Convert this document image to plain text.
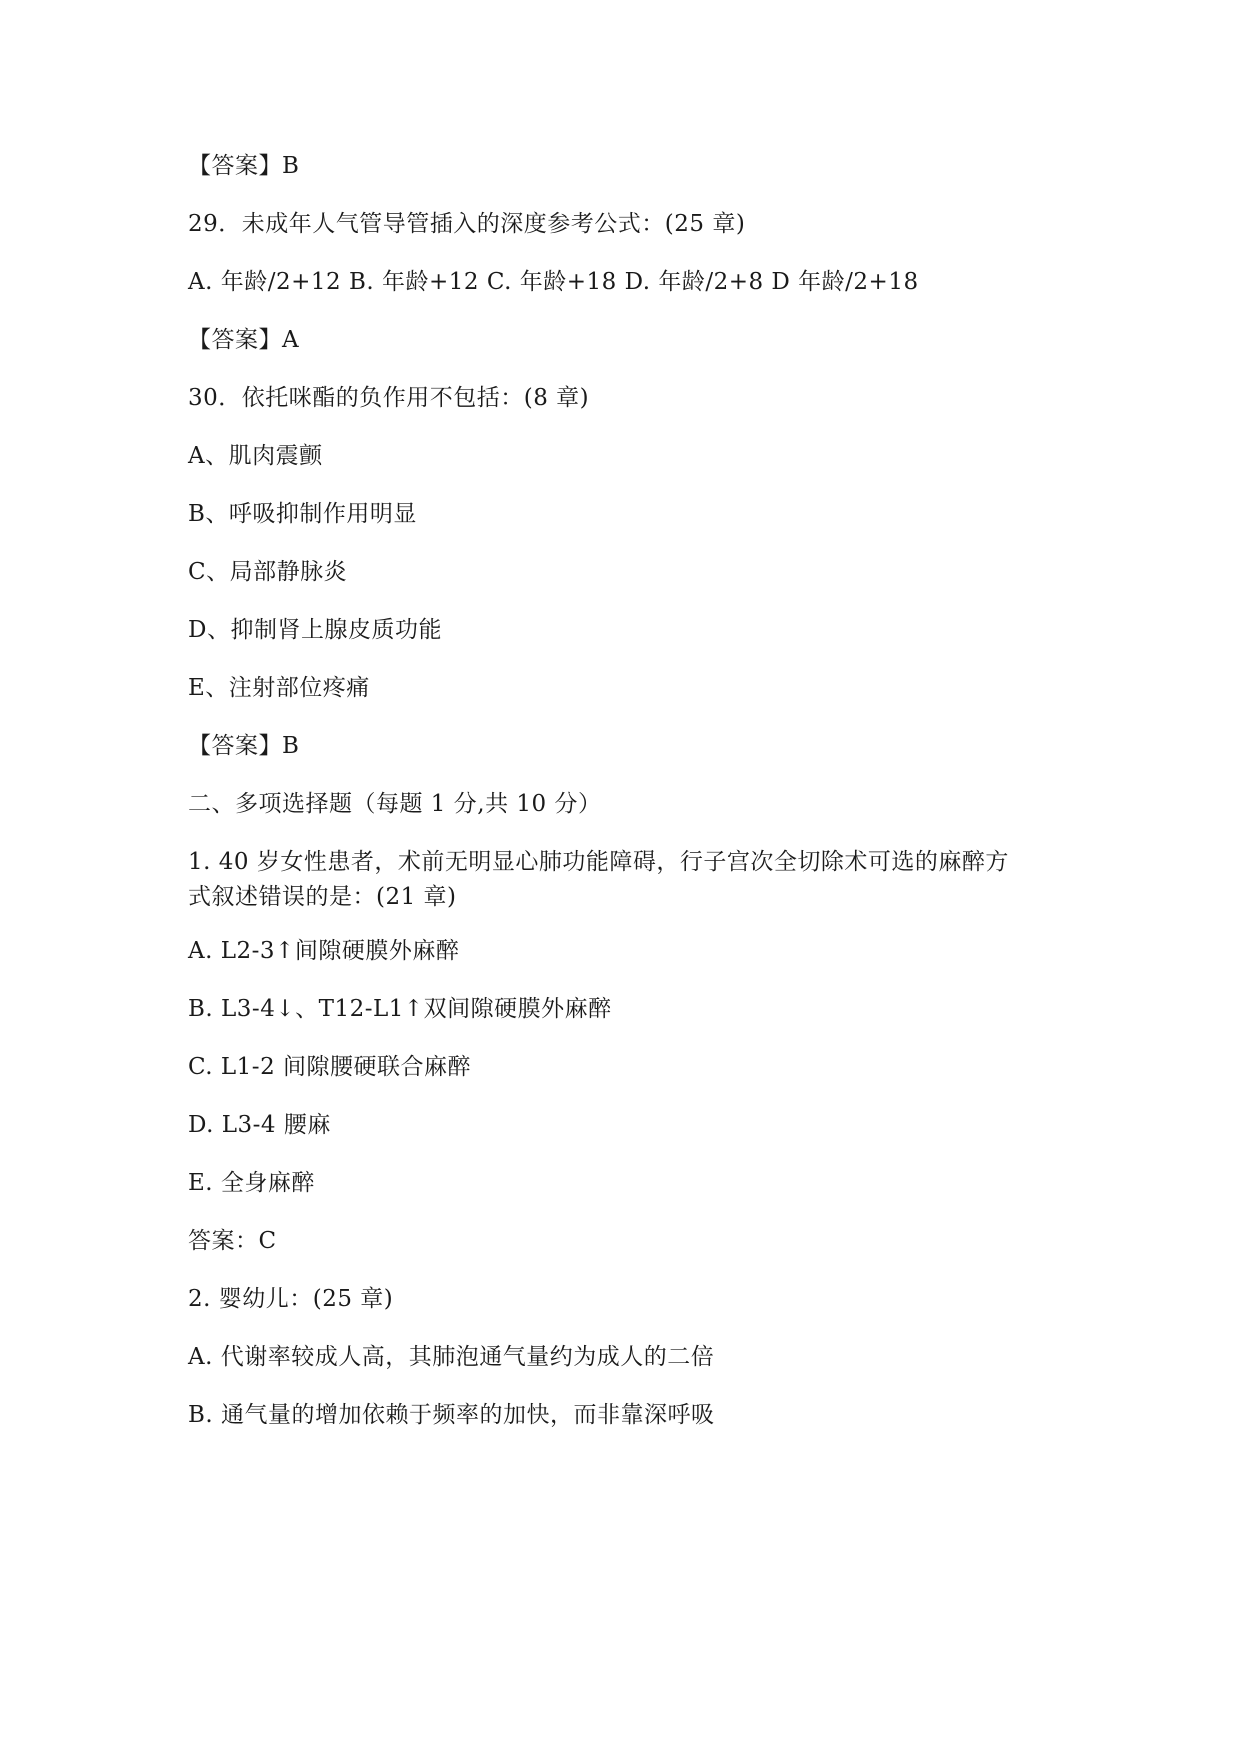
【答案】B
29．未成年人气管导管插入的深度参考公式：(25 章)
A. 年龄/2+12 B. 年龄+12 C. 年龄+18 D. 年龄/2+8 D 年龄/2+18
【答案】A
30．依托咪酯的负作用不包括：(8 章)
A、肌肉震颤
B、呼吸抑制作用明显
C、局部静脉炎
D、抑制肾上腺皮质功能
E、注射部位疼痛
【答案】B
二、多项选择题（每题 1 分,共 10 分）
1. 40 岁女性患者，术前无明显心肺功能障碍，行子宫次全切除术可选的麻醉方
式叙述错误的是：(21 章)
A. L2-3↑间隙硬膜外麻醉
B. L3-4↓、T12-L1↑双间隙硬膜外麻醉
C. L1-2 间隙腰硬联合麻醉
D. L3-4 腰麻
E. 全身麻醉
答案：C
2. 婴幼儿：(25 章)
A. 代谢率较成人高，其肺泡通气量约为成人的二倍
B. 通气量的增加依赖于频率的加快，而非靠深呼吸
